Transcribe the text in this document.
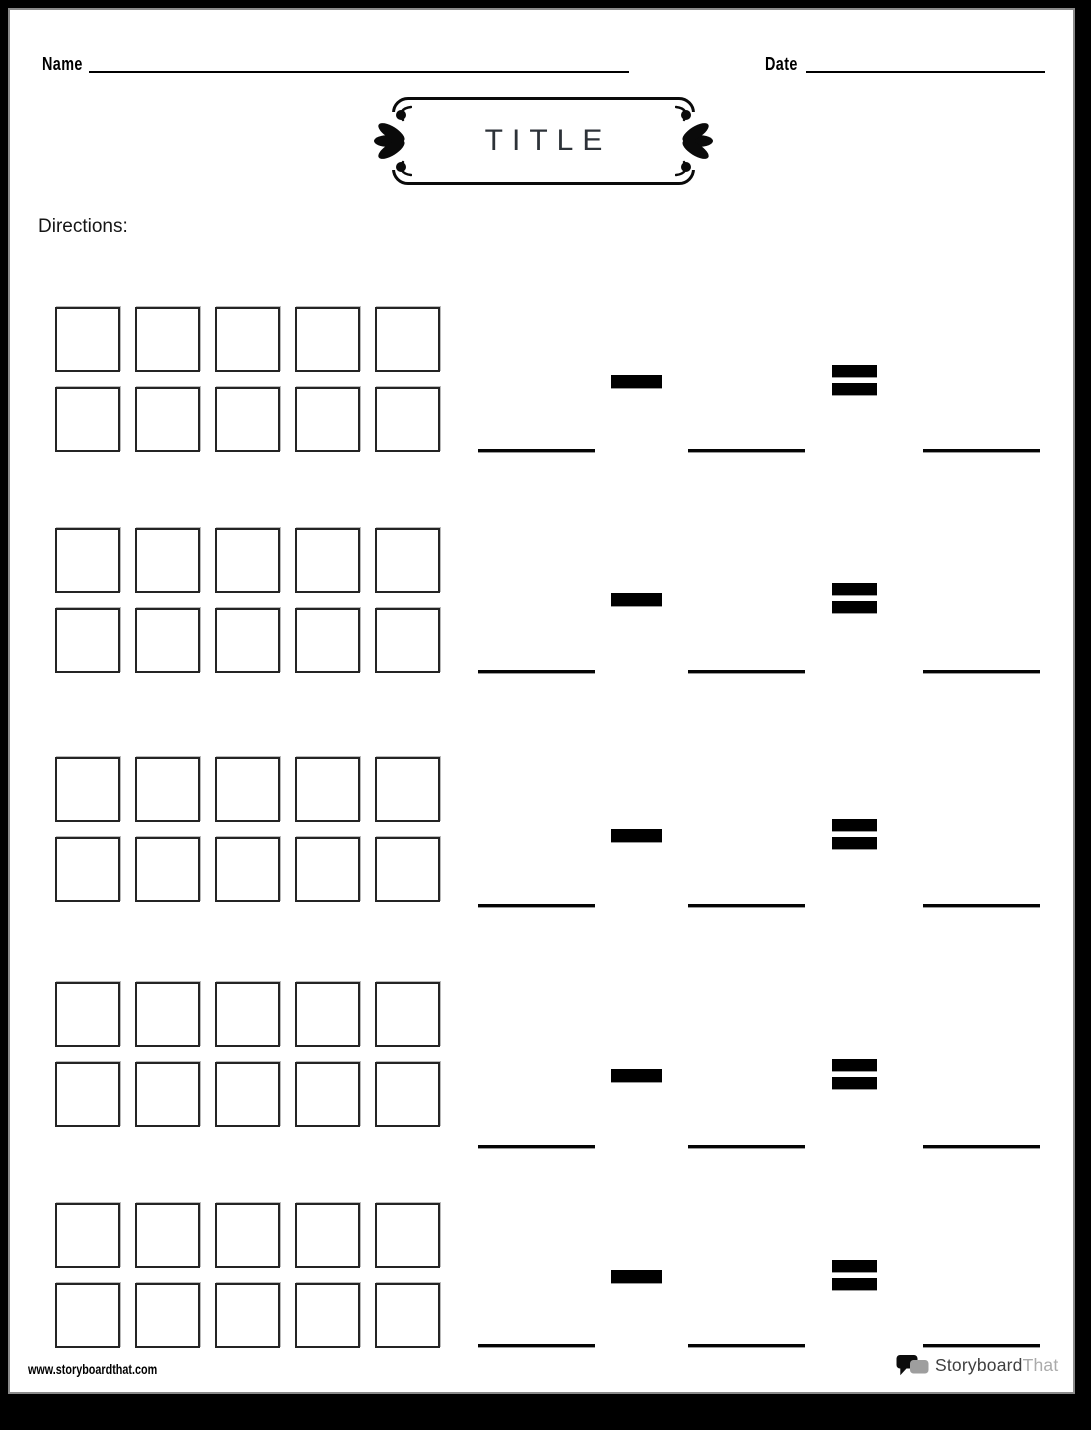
Name	Date
TITLE
Directions:
www.storyboardthat.com	StoryboardThat
